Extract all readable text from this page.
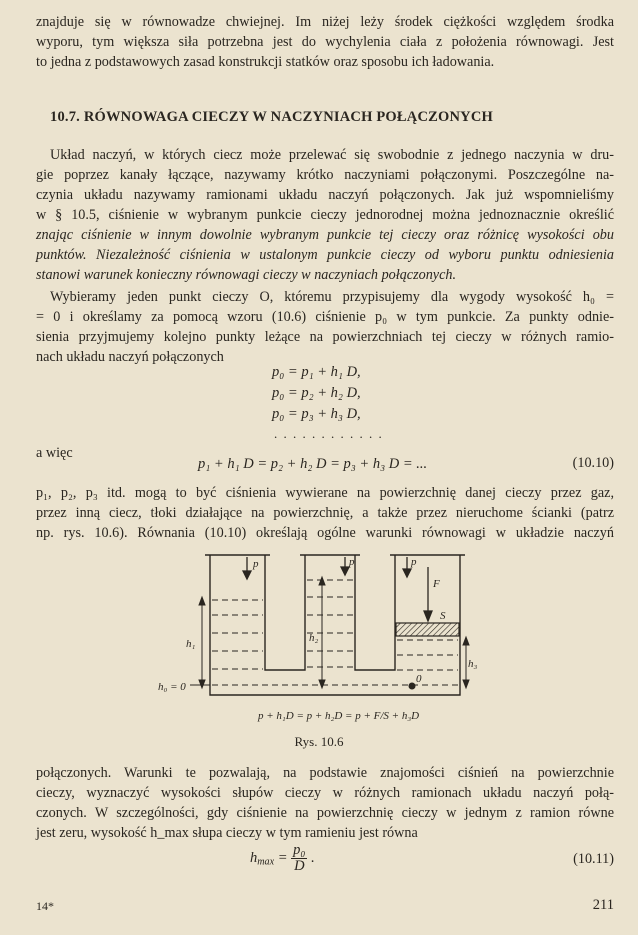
znajduje się w równowadze chwiejnej. Im niżej leży środek ciężkości względem środka
wyporu, tym większa siła potrzebna jest do wychylenia ciała z położenia równowagi. Jest
to jedna z podstawowych zasad konstrukcji statków oraz sposobu ich ładowania.
10.7. RÓWNOWAGA CIECZY W NACZYNIACH POŁĄCZONYCH
Układ naczyń, w których ciecz może przelewać się swobodnie z jednego naczynia w dru-
gie poprzez kanały łączące, nazywamy krótko naczyniami połączonymi. Poszczególne na-
czynia układu nazywamy ramionami układu naczyń połączonych. Jak już wspomnieliśmy
w § 10.5, ciśnienie w wybranym punkcie cieczy jednorodnej można jednoznacznie określić
znając ciśnienie w innym dowolnie wybranym punkcie tej cieczy oraz różnicę wysokości obu
punktów. Niezależność ciśnienia w ustalonym punkcie cieczy od wyboru punktu odniesienia
stanowi warunek konieczny równowagi cieczy w naczyniach połączonych.
Wybieramy jeden punkt cieczy O, któremu przypisujemy dla wygody wysokość h₀ =
= 0 i określamy za pomocą wzoru (10.6) ciśnienie p₀ w tym punkcie. Za punkty odnie-
sienia przyjmujemy kolejno punkty leżące na powierzchniach tej cieczy w różnych ramio-
nach układu naczyń połączonych
p₀ = p₁ + h₁ D,
p₀ = p₂ + h₂ D,
p₀ = p₃ + h₃ D,
. . . . . . . . . . . .
a więc
p₁ + h₁ D = p₂ + h₂ D = p₃ + h₃ D = ...	(10.10)
p₁, p₂, p₃ itd. mogą to być ciśnienia wywierane na powierzchnię danej cieczy przez gaz,
przez inną ciecz, tłoki działające na powierzchnię, a także przez nieruchome ścianki (patrz
np. rys. 10.6). Równania (10.10) określają ogólne warunki równowagi w układzie naczyń
p	p	p
F
S
h₁	h₂
h₃
h₀ = 0
0
p + h₁D = p + h₂D = p + F/S + h₃D
Rys. 10.6
połączonych. Warunki te pozwalają, na podstawie znajomości ciśnień na powierzchnie
cieczy, wyznaczyć wysokości słupów cieczy w różnych ramionach układu naczyń połą-
czonych. W szczególności, gdy ciśnienie na powierzchnię cieczy w jednym z ramion równe
jest zeru, wysokość h_max słupa cieczy w tym ramieniu jest równa
$h_{max} = \frac{\text{p₀}}{D}$ .	(10.11)
14*	211
